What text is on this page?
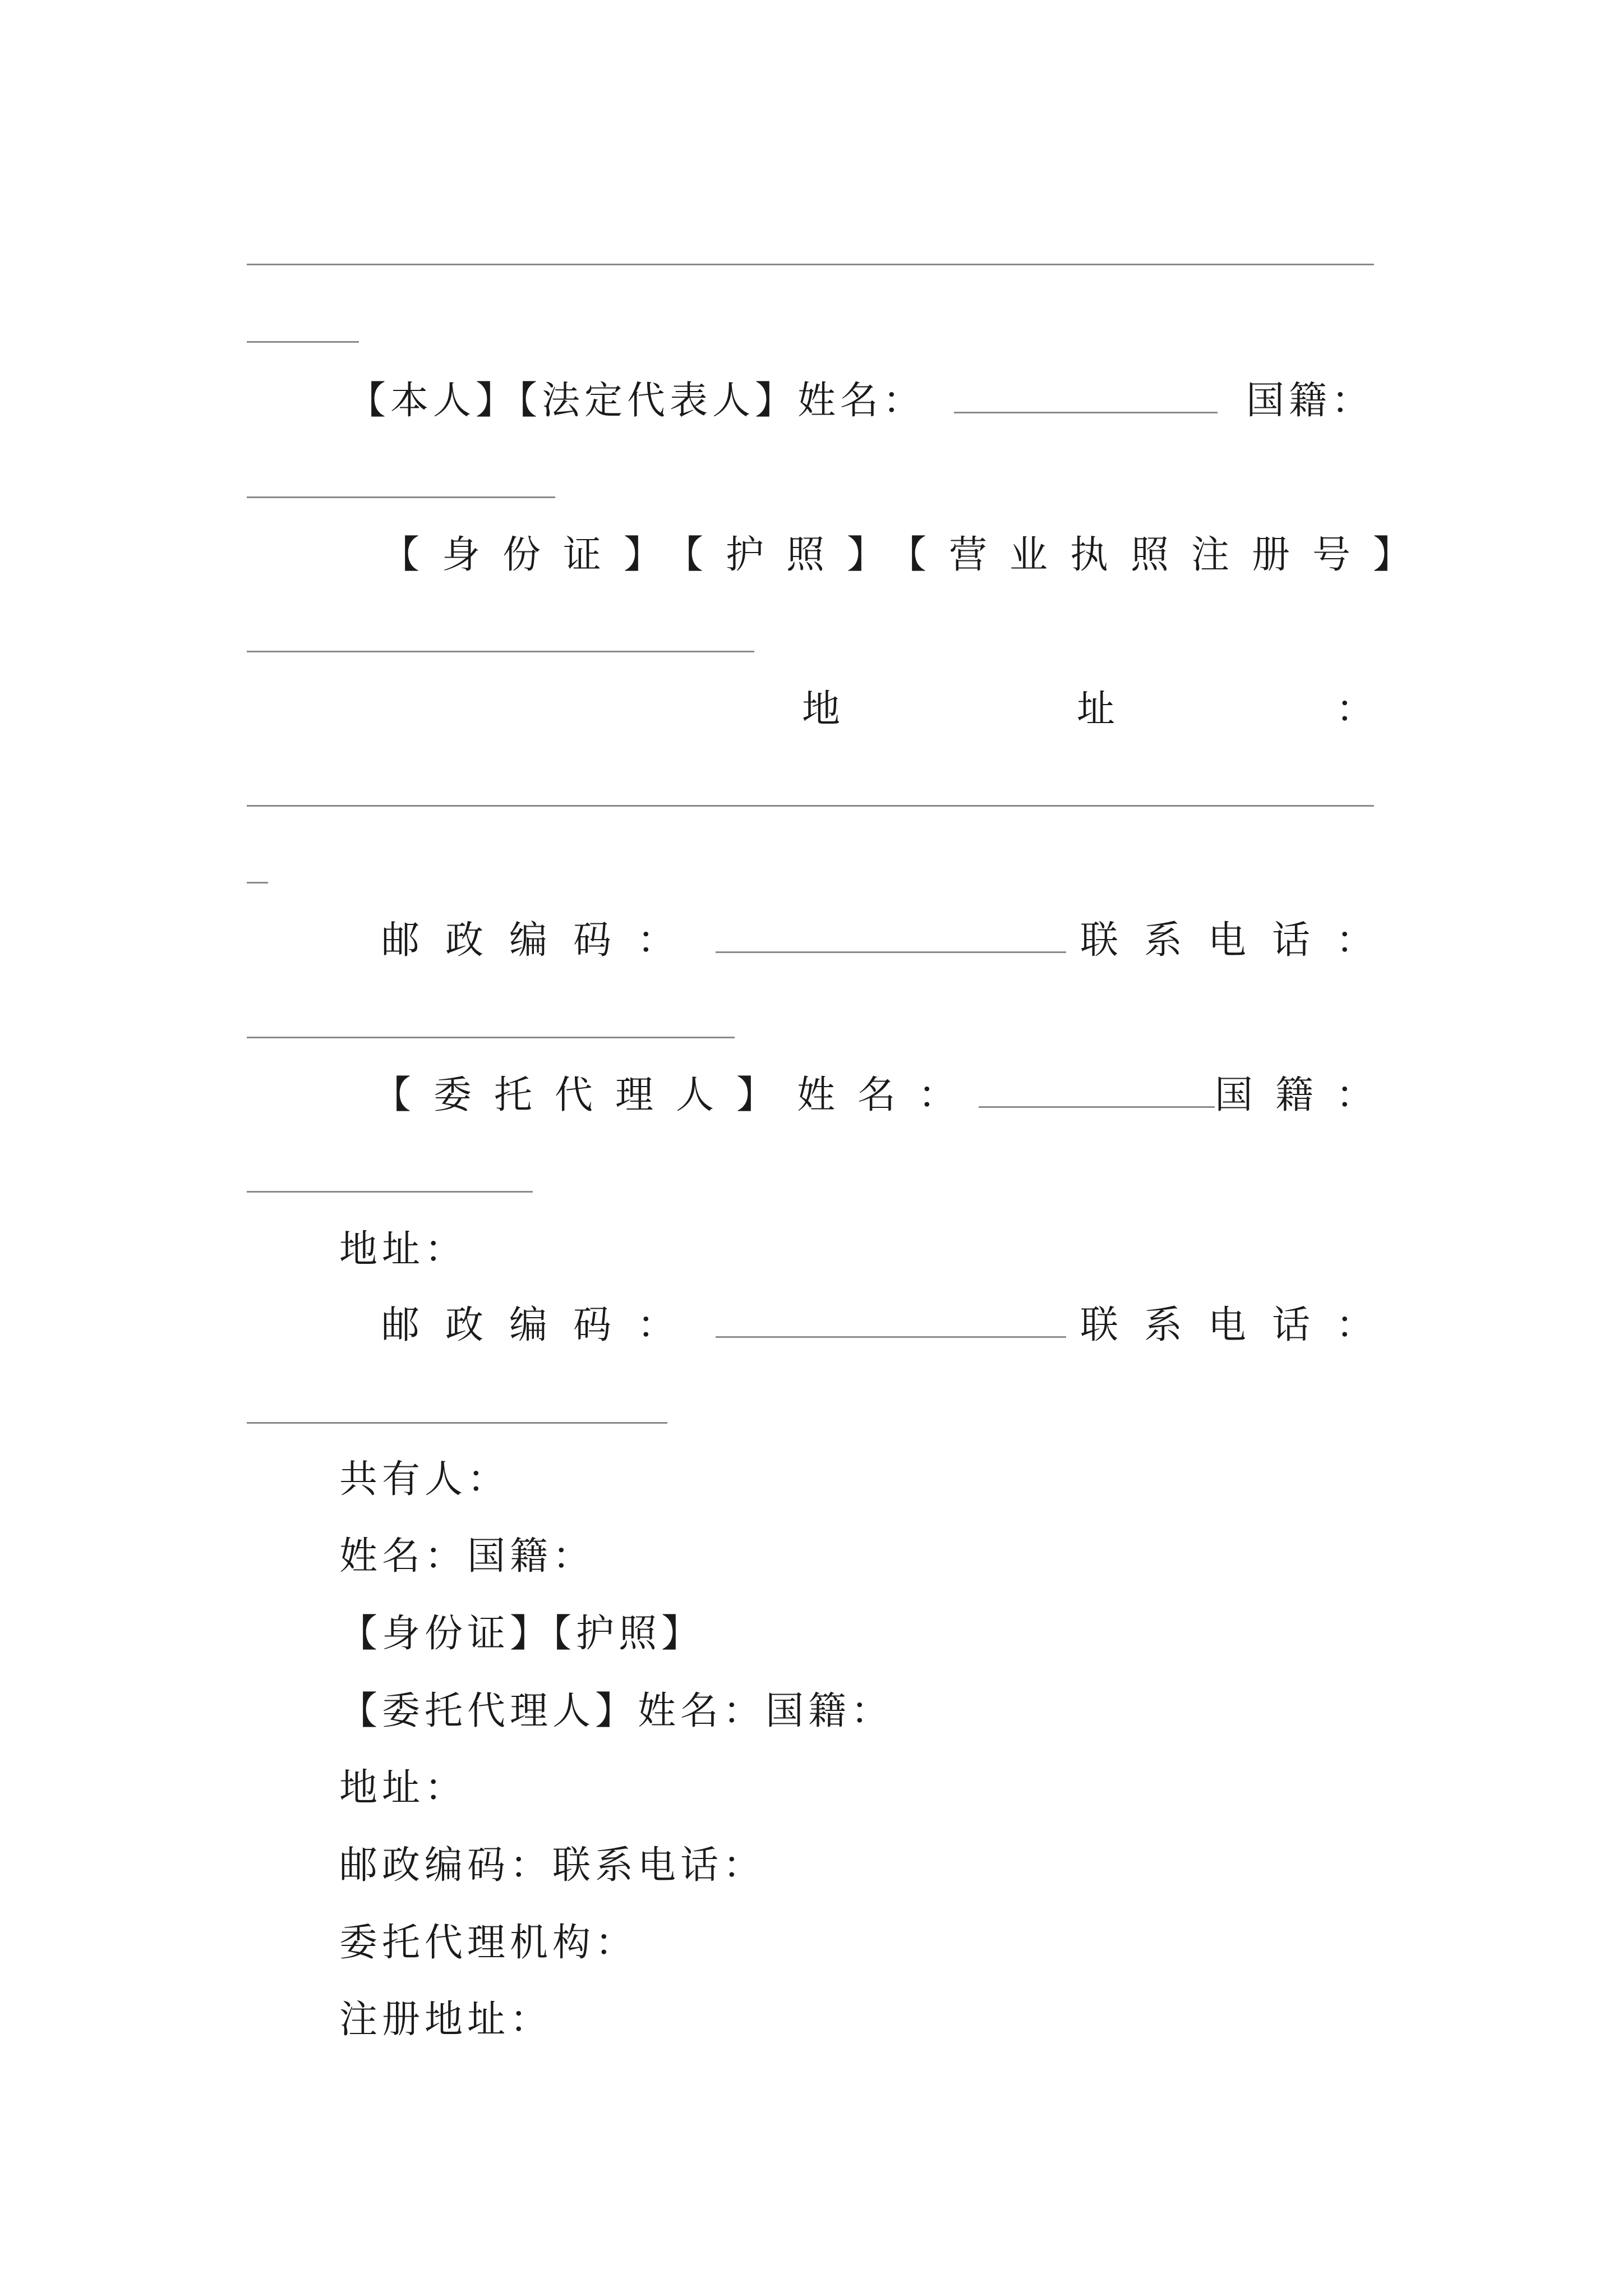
【本人】【法定代表人】姓名：	国籍：
【身份证】【护照】【营业执照注册号】
地	址	：
邮政编码：	联系电话：
【委托代理人】姓名：	国籍：
地址：
邮政编码：	联系电话：
共有人：
姓名：国籍：
【身份证】【护照】
【委托代理人】姓名：国籍：
地址：
邮政编码：联系电话：
委托代理机构：
注册地址：
